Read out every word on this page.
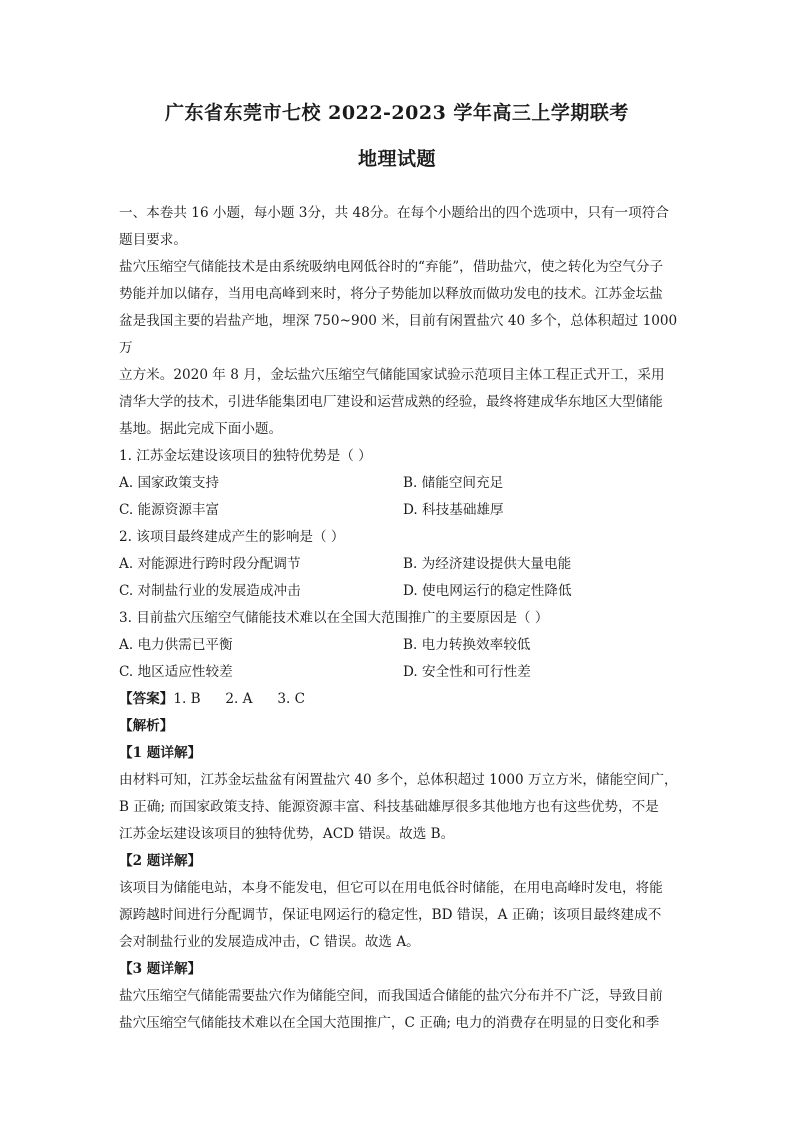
广东省东莞市七校 2022-2023 学年高三上学期联考
地理试题

一、本卷共 16 小题，每小题 3分，共 48分。在每个小题给出的四个选项中，只有一项符合

题目要求。

盐穴压缩空气储能技术是由系统吸纳电网低谷时的“弃能”，借助盐穴，使之转化为空气分子

势能并加以储存，当用电高峰到来时，将分子势能加以释放而做功发电的技术。江苏金坛盐

盆是我国主要的岩盐产地，埋深 750~900 米，目前有闲置盐穴 40 多个，总体积超过 1000 万

立方米。2020 年 8 月，金坛盐穴压缩空气储能国家试验示范项目主体工程正式开工，采用

清华大学的技术，引进华能集团电厂建设和运营成熟的经验，最终将建成华东地区大型储能

基地。据此完成下面小题。

1. 江苏金坛建设该项目的独特优势是（ ）

A. 国家政策支持	B. 储能空间充足
C. 能源资源丰富	D. 科技基础雄厚

2. 该项目最终建成产生的影响是（ ）

A. 对能源进行跨时段分配调节	B. 为经济建设提供大量电能
C. 对制盐行业的发展造成冲击	D. 使电网运行的稳定性降低

3. 目前盐穴压缩空气储能技术难以在全国大范围推广的主要原因是（ ）

A. 电力供需已平衡	B. 电力转换效率较低
C. 地区适应性较差	D. 安全性和可行性差
【答案】 1. B	2. A	3. C

【解析】

【1 题详解】

由材料可知，江苏金坛盐盆有闲置盐穴 40 多个，总体积超过 1000 万立方米，储能空间广，

B 正确; 而国家政策支持、能源资源丰富、科技基础雄厚很多其他地方也有这些优势，不是

江苏金坛建设该项目的独特优势，ACD 错误。故选 B。

【2 题详解】

该项目为储能电站，本身不能发电，但它可以在用电低谷时储能，在用电高峰时发电，将能

源跨越时间进行分配调节，保证电网运行的稳定性，BD 错误，A 正确；该项目最终建成不

会对制盐行业的发展造成冲击，C 错误。故选 A。

【3 题详解】

盐穴压缩空气储能需要盐穴作为储能空间，而我国适合储能的盐穴分布并不广泛，导致目前

盐穴压缩空气储能技术难以在全国大范围推广，C 正确; 电力的消费存在明显的日变化和季
